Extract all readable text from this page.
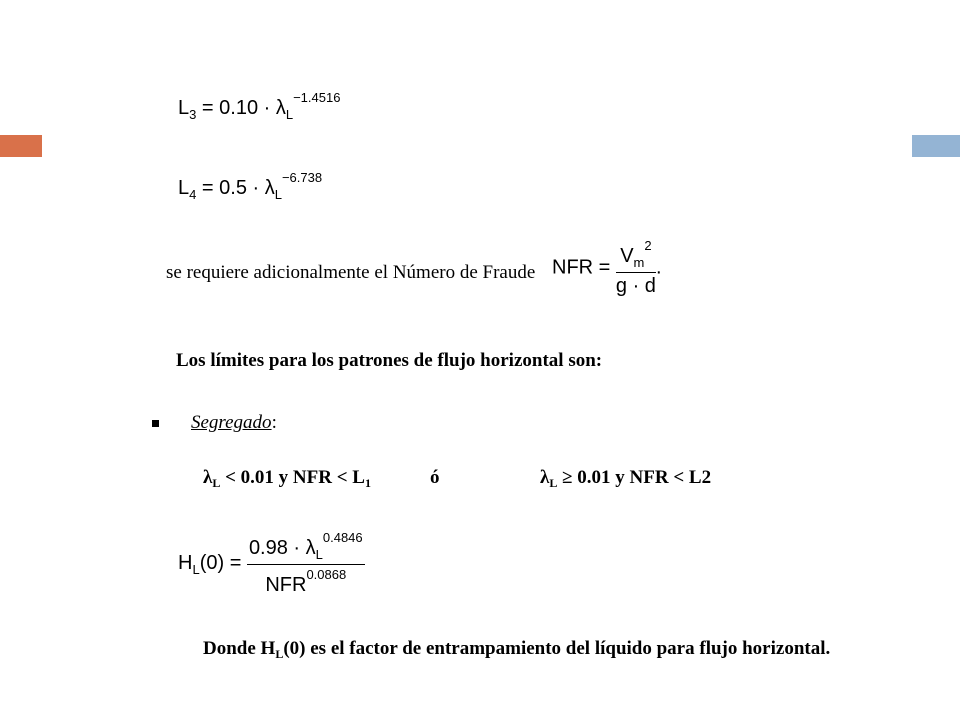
$L_3 = 0.10 \cdot \lambda_L^{-1.4516}$
$L_4 = 0.5 \cdot \lambda_L^{-6.738}$
se requiere adicionalmente el Número de Fraude NFR = $\frac{V_m^2}{g \cdot d}$ .
Los límites para los patrones de flujo horizontal son:
Segregado:
$\lambda_L < 0.01$ y NFR < $L_1$	ó	$\lambda_L \ge 0.01$ y NFR < L2
$H_L(0) = \frac{0.98 \cdot \lambda_L^{0.4846}}{NFR^{0.0868}}$
Donde $H_L(0)$ es el factor de entrampamiento del líquido para flujo horizontal.
